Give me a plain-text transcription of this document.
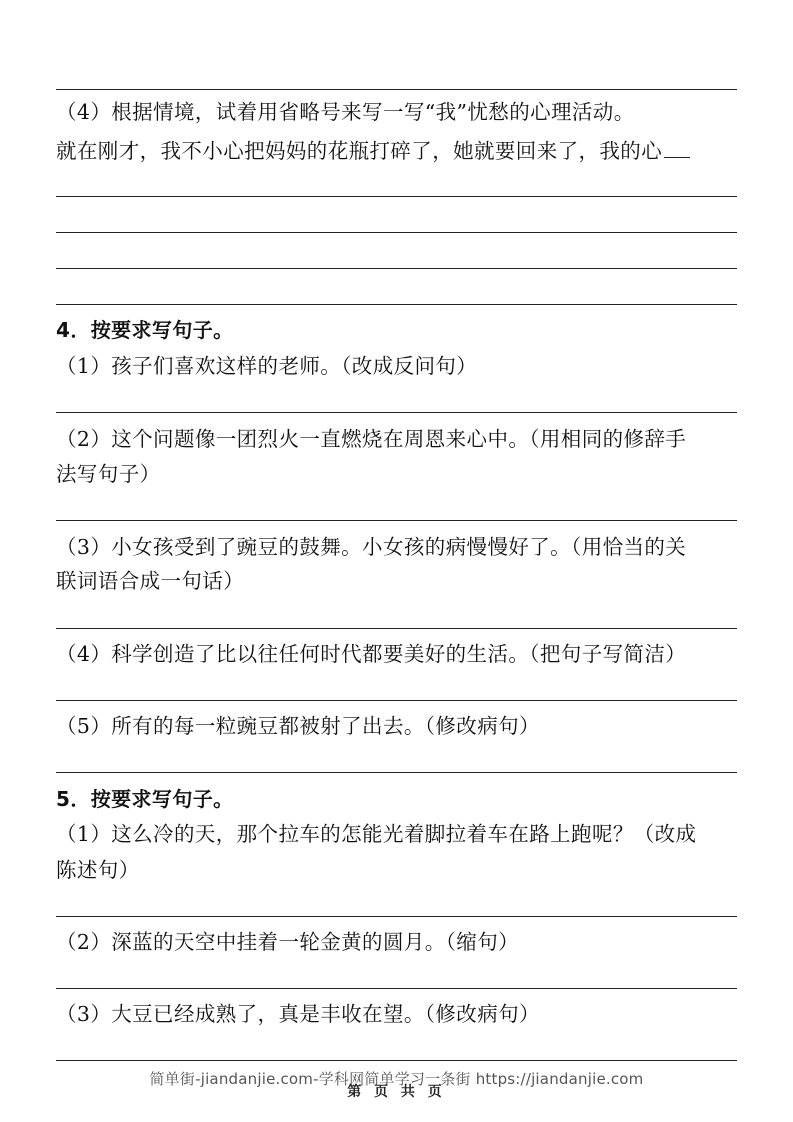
（4）根据情境，试着用省略号来写一写“我”忧愁的心理活动。
就在刚才，我不小心把妈妈的花瓶打碎了，她就要回来了，我的心
4．按要求写句子。
（1）孩子们喜欢这样的老师。（改成反问句）
（2）这个问题像一团烈火一直燃烧在周恩来心中。（用相同的修辞手
法写句子）
（3）小女孩受到了豌豆的鼓舞。小女孩的病慢慢好了。（用恰当的关
联词语合成一句话）
（4）科学创造了比以往任何时代都要美好的生活。（把句子写简洁）
（5）所有的每一粒豌豆都被射了出去。（修改病句）
5．按要求写句子。
（1）这么冷的天，那个拉车的怎能光着脚拉着车在路上跑呢？（改成
陈述句）
（2）深蓝的天空中挂着一轮金黄的圆月。（缩句）
（3）大豆已经成熟了，真是丰收在望。（修改病句）
简单街-jiandanjie.com-学科网简单学习一条街 https://jiandanjie.com
第 页 共 页
